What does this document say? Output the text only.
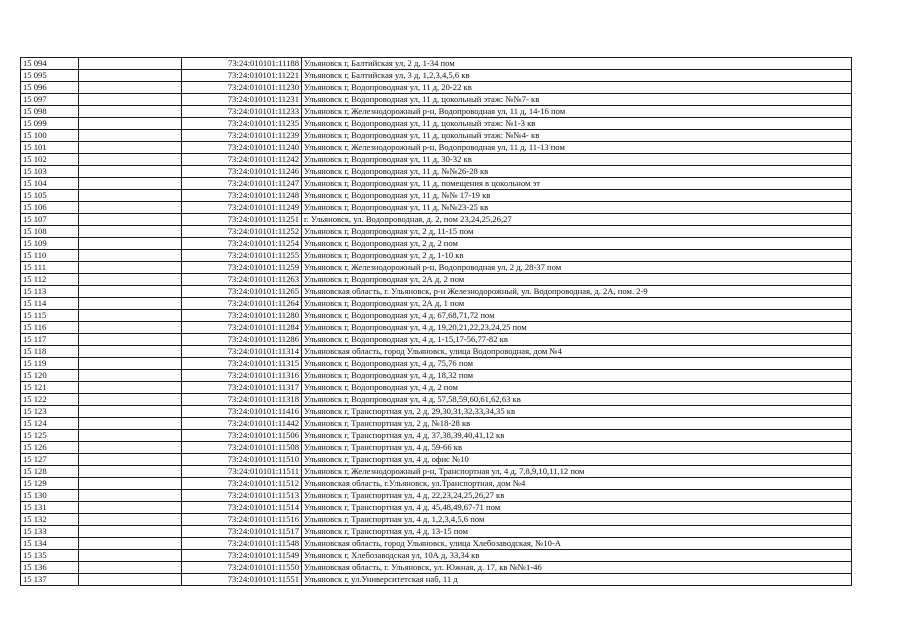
15 094		73:24:010101:11188	Ульяновск г, Балтийская ул, 2 д, 1-34 пом
15 095		73:24:010101:11221	Ульяновск г, Балтийская ул, 3 д, 1,2,3,4,5,6 кв
15 096		73:24:010101:11230	Ульяновск г, Водопроводная ул, 11 д, 20-22 кв
15 097		73:24:010101:11231	Ульяновск г, Водопроводная ул, 11 д, цокольный этаж: №№7- кв
15 098		73:24:010101:11233	Ульяновск г, Железнодорожный р-н, Водопроводная ул, 11 д, 14-16 пом
15 099		73:24:010101:11235	Ульяновск г, Водопроводная ул, 11 д, цокольный этаж: №1-3 кв
15 100		73:24:010101:11239	Ульяновск г, Водопроводная ул, 11 д, цокольный этаж: №№4- кв
15 101		73:24:010101:11240	Ульяновск г, Железнодорожный р-н, Водопроводная ул, 11 д, 11-13 пом
15 102		73:24:010101:11242	Ульяновск г, Водопроводная ул, 11 д, 30-32 кв
15 103		73:24:010101:11246	Ульяновск г, Водопроводная ул, 11 д, №№26-28 кв
15 104		73:24:010101:11247	Ульяновск г, Водопроводная ул, 11 д, помещения в цокольном эт
15 105		73:24:010101:11248	Ульяновск г, Водопроводная ул, 11 д, №№ 17-19 кв
15 106		73:24:010101:11249	Ульяновск г, Водопроводная ул, 11 д, №№23-25 кв
15 107		73:24:010101:11251	г. Ульяновск, ул. Водопроводная, д. 2, пом 23,24,25,26,27
15 108		73:24:010101:11252	Ульяновск г, Водопроводная ул, 2 д, 11-15 пом
15 109		73:24:010101:11254	Ульяновск г, Водопроводная ул, 2 д, 2 пом
15 110		73:24:010101:11255	Ульяновск г, Водопроводная ул, 2 д, 1-10 кв
15 111		73:24:010101:11259	Ульяновск г, Железнодорожный р-н, Водопроводная ул, 2 д, 28-37 пом
15 112		73:24:010101:11263	Ульяновск г, Водопроводная ул, 2А д, 2 пом
15 113		73:24:010101:11265	Ульяновская область, г. Ульяновск, р-н Железнодорожный, ул. Водопроводная, д. 2А, пом. 2-9
15 114		73:24:010101:11264	Ульяновск г, Водопроводная ул, 2А д, 1 пом
15 115		73:24:010101:11280	Ульяновск г, Водопроводная ул, 4 д, 67,68,71,72 пом
15 116		73:24:010101:11284	Ульяновск г, Водопроводная ул, 4 д, 19,20,21,22,23,24,25 пом
15 117		73:24:010101:11286	Ульяновск г, Водопроводная ул, 4 д, 1-15,17-56,77-82 кв
15 118		73:24:010101:11314	Ульяновская область, город Ульяновск, улица Водопроводная, дом №4
15 119		73:24:010101:11315	Ульяновск г, Водопроводная ул, 4 д, 75,76 пом
15 120		73:24:010101:11316	Ульяновск г, Водопроводная ул, 4 д, 18,32 пом
15 121		73:24:010101:11317	Ульяновск г, Водопроводная ул, 4 д, 2 пом
15 122		73:24:010101:11318	Ульяновск г, Водопроводная ул, 4 д, 57,58,59,60,61,62,63 кв
15 123		73:24:010101:11416	Ульяновск г, Транспортная ул, 2 д, 29,30,31,32,33,34,35 кв
15 124		73:24:010101:11442	Ульяновск г, Транспортная ул, 2 д, №18-28 кв
15 125		73:24:010101:11506	Ульяновск г, Транспортная ул, 4 д, 37,38,39,40,41,12 кв
15 126		73:24:010101:11508	Ульяновск г, Транспортная ул, 4 д, 59-66 кв
15 127		73:24:010101:11510	Ульяновск г, Транспортная ул, 4 д, офис №10
15 128		73:24:010101:11511	Ульяновск г, Железнодорожный р-н, Транспортная ул, 4 д, 7,8,9,10,11,12 пом
15 129		73:24:010101:11512	Ульяновская область, г.Ульяновск, ул.Транспортная, дом №4
15 130		73:24:010101:11513	Ульяновск г, Транспортная ул, 4 д, 22,23,24,25,26,27 кв
15 131		73:24:010101:11514	Ульяновск г, Транспортная ул, 4 д, 45,48,49,67-71 пом
15 132		73:24:010101:11516	Ульяновск г, Транспортная ул, 4 д, 1,2,3,4,5,6 пом
15 133		73:24:010101:11517	Ульяновск г, Транспортная ул, 4 д, 13-15 пом
15 134		73:24:010101:11548	Ульяновская область, город Ульяновск, улица Хлебозаводская, №10-А
15 135		73:24:010101:11549	Ульяновск г, Хлебозаводская ул, 10А д, 33,34 кв
15 136		73:24:010101:11550	Ульяновская область, г. Ульяновск, ул. Южная, д. 17, кв №№1-46
15 137		73:24:010101:11551	Ульяновск г, ул.Университетская наб, 11 д
